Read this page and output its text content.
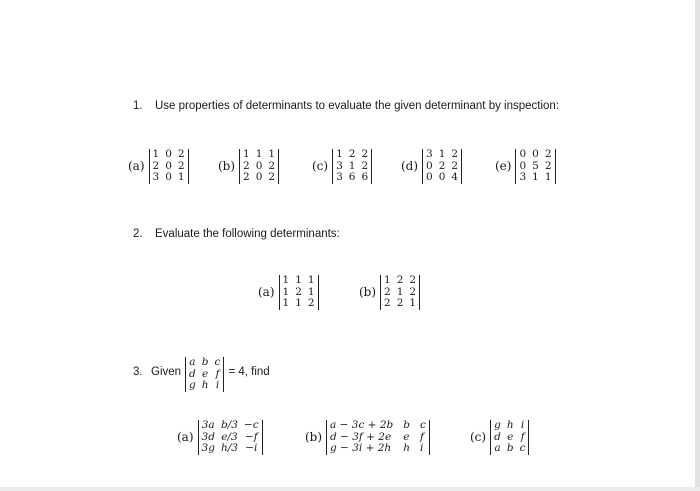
1. Use properties of determinants to evaluate the given determinant by inspection:
(a)
1 0 2
2 0 2
3 0 1
(b)
1 1 1
2 0 2
2 0 2
(c)
1 2 2
3 1 2
3 6 6
(d)
3 1 2
0 2 2
0 0 4
(e)
0 0 2
0 5 2
3 1 1
2. Evaluate the following determinants:
(a)
1 1 1
1 2 1
1 1 2
(b)
1 2 2
2 1 2
2 2 1
3. Given
a b c
d e f
g h i
= 4, find
(a)
3a b/3 −c
3d e/3 −f
3g h/3 −i
(b)
a − 3c + 2b b c
d − 3f + 2e e f
g − 3i + 2h h i
(c)
g h i
d e f
a b c
